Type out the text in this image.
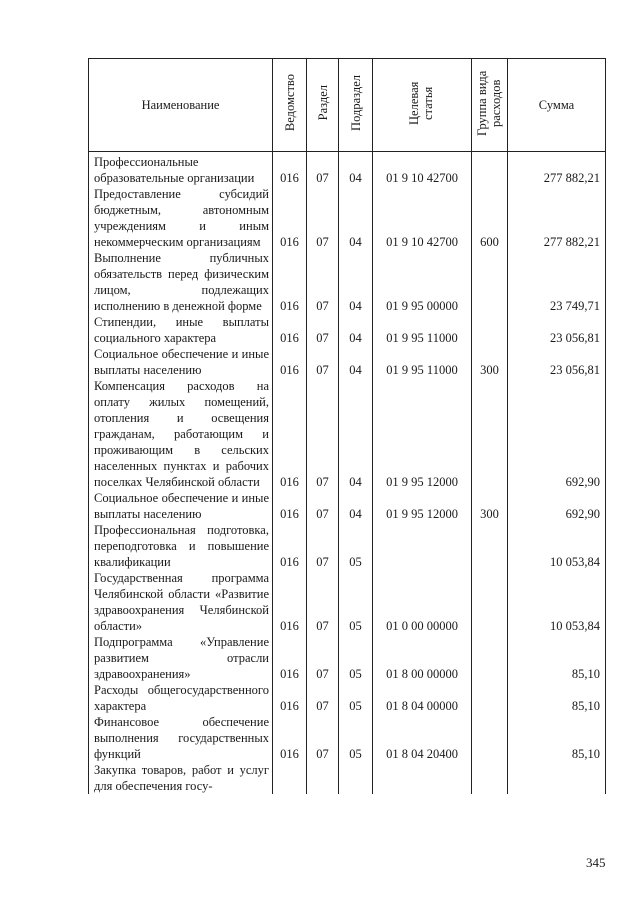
Наименование	Ведомство	Раздел	Подраздел	Целевая статья	Группа вида расходов	Сумма
Профессиональные образовательные организации	016	07	04	01 9 10 42700		277 882,21
Предоставление субсидий бюджетным, автономным учреждениям и иным некоммерческим организациям	016	07	04	01 9 10 42700	600	277 882,21
Выполнение публичных обязательств перед физическим лицом, подлежащих исполнению в денежной форме	016	07	04	01 9 95 00000		23 749,71
Стипендии, иные выплаты социального характера	016	07	04	01 9 95 11000		23 056,81
Социальное обеспечение и иные выплаты населению	016	07	04	01 9 95 11000	300	23 056,81
Компенсация расходов на оплату жилых помещений, отопления и освещения гражданам, работающим и проживающим в сельских населенных пунктах и рабочих поселках Челябинской области	016	07	04	01 9 95 12000		692,90
Социальное обеспечение и иные выплаты населению	016	07	04	01 9 95 12000	300	692,90
Профессиональная подготовка, переподготовка и повышение квалификации	016	07	05			10 053,84
Государственная программа Челябинской области «Развитие здравоохранения Челябинской области»	016	07	05	01 0 00 00000		10 053,84
Подпрограмма «Управление развитием отрасли здравоохранения»	016	07	05	01 8 00 00000		85,10
Расходы общегосударственного характера	016	07	05	01 8 04 00000		85,10
Финансовое обеспечение выполнения государственных функций	016	07	05	01 8 04 20400		85,10
Закупка товаров, работ и услуг для обеспечения госу-						
345
